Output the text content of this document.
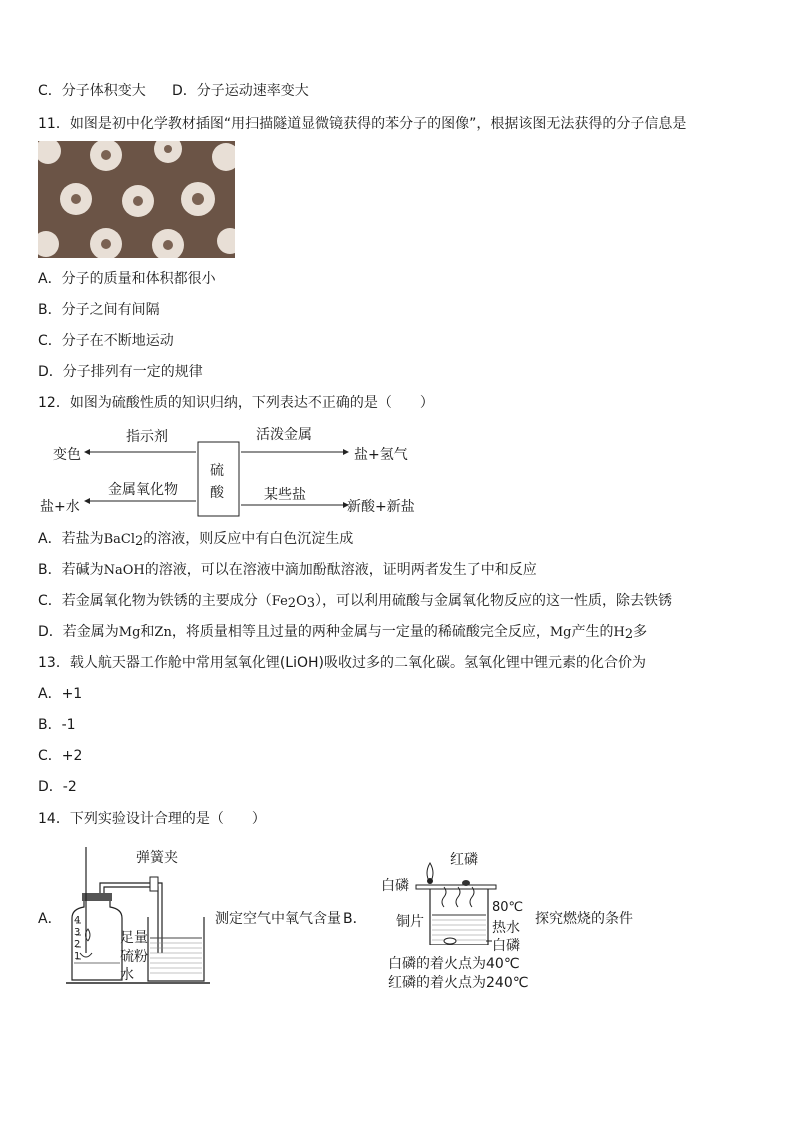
C．分子体积变大 D．分子运动速率变大
11．如图是初中化学教材插图“用扫描隧道显微镜获得的苯分子的图像”，根据该图无法获得的分子信息是
A．分子的质量和体积都很小
B．分子之间有间隔
C．分子在不断地运动
D．分子排列有一定的规律
12．如图为硫酸性质的知识归纳，下列表达不正确的是（　　）
硫
酸
指示剂
变色
活泼金属
盐+氢气
金属氧化物
盐+水
某些盐
新酸+新盐
A．若盐为BaCl$_2$的溶液，则反应中有白色沉淀生成
B．若碱为NaOH的溶液，可以在溶液中滴加酚酞溶液，证明两者发生了中和反应
C．若金属氧化物为铁锈的主要成分$(Fe_2O_3)$，可以利用硫酸与金属氧化物反应的这一性质，除去铁锈
D．若金属为Mg和Zn，将质量相等且过量的两种金属与一定量的稀硫酸完全反应，Mg产生的$H_2$多
13．载人航天器工作舱中常用氢氧化锂(LiOH)吸收过多的二氧化碳。氢氧化锂中锂元素的化合价为
A．+1
B．-1
C．+2
D．-2
14．下列实验设计合理的是（　　）
A． 4
3
2
1
弹簧夹
足量
硫粉
水
测定空气中氧气含量 B．
红磷
白磷
铜片
80℃
热水
白磷
白磷的着火点为40℃
红磷的着火点为240℃
探究燃烧的条件
